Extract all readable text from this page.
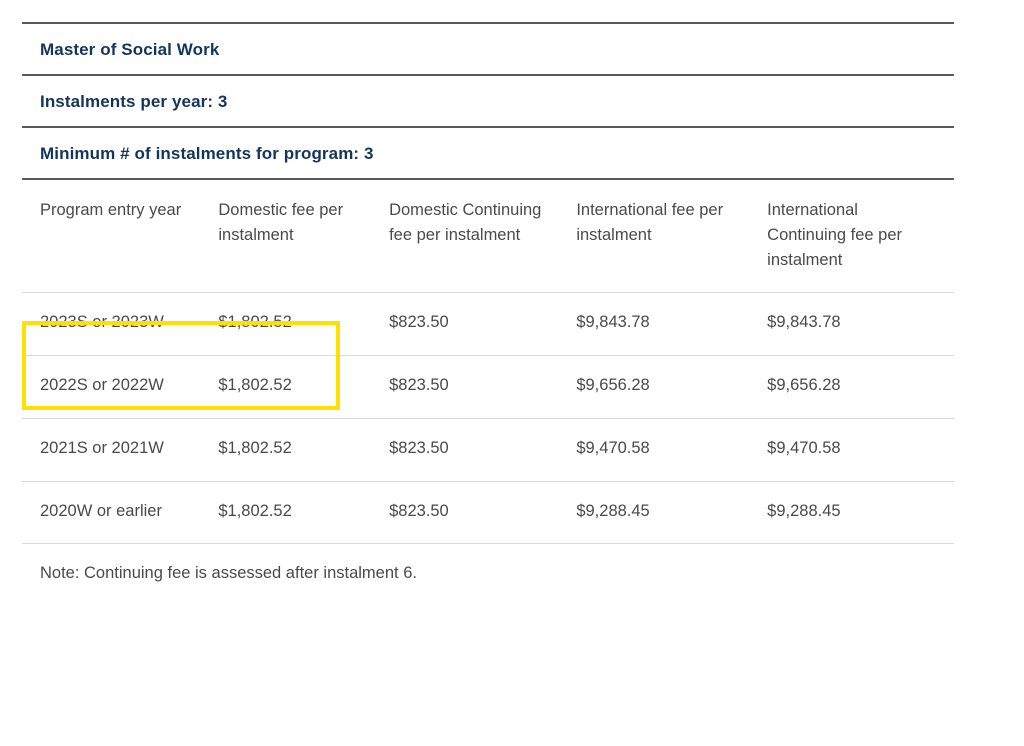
Master of Social Work				
Instalments per year: 3				
Minimum # of instalments for program: 3				
Program entry year	Domestic fee per instalment	Domestic Continuing fee per instalment	International fee per instalment	International Continuing fee per instalment
2023S or 2023W	$1,802.52	$823.50	$9,843.78	$9,843.78
2022S or 2022W	$1,802.52	$823.50	$9,656.28	$9,656.28
2021S or 2021W	$1,802.52	$823.50	$9,470.58	$9,470.58
2020W or earlier	$1,802.52	$823.50	$9,288.45	$9,288.45
Note: Continuing fee is assessed after instalment 6.				
